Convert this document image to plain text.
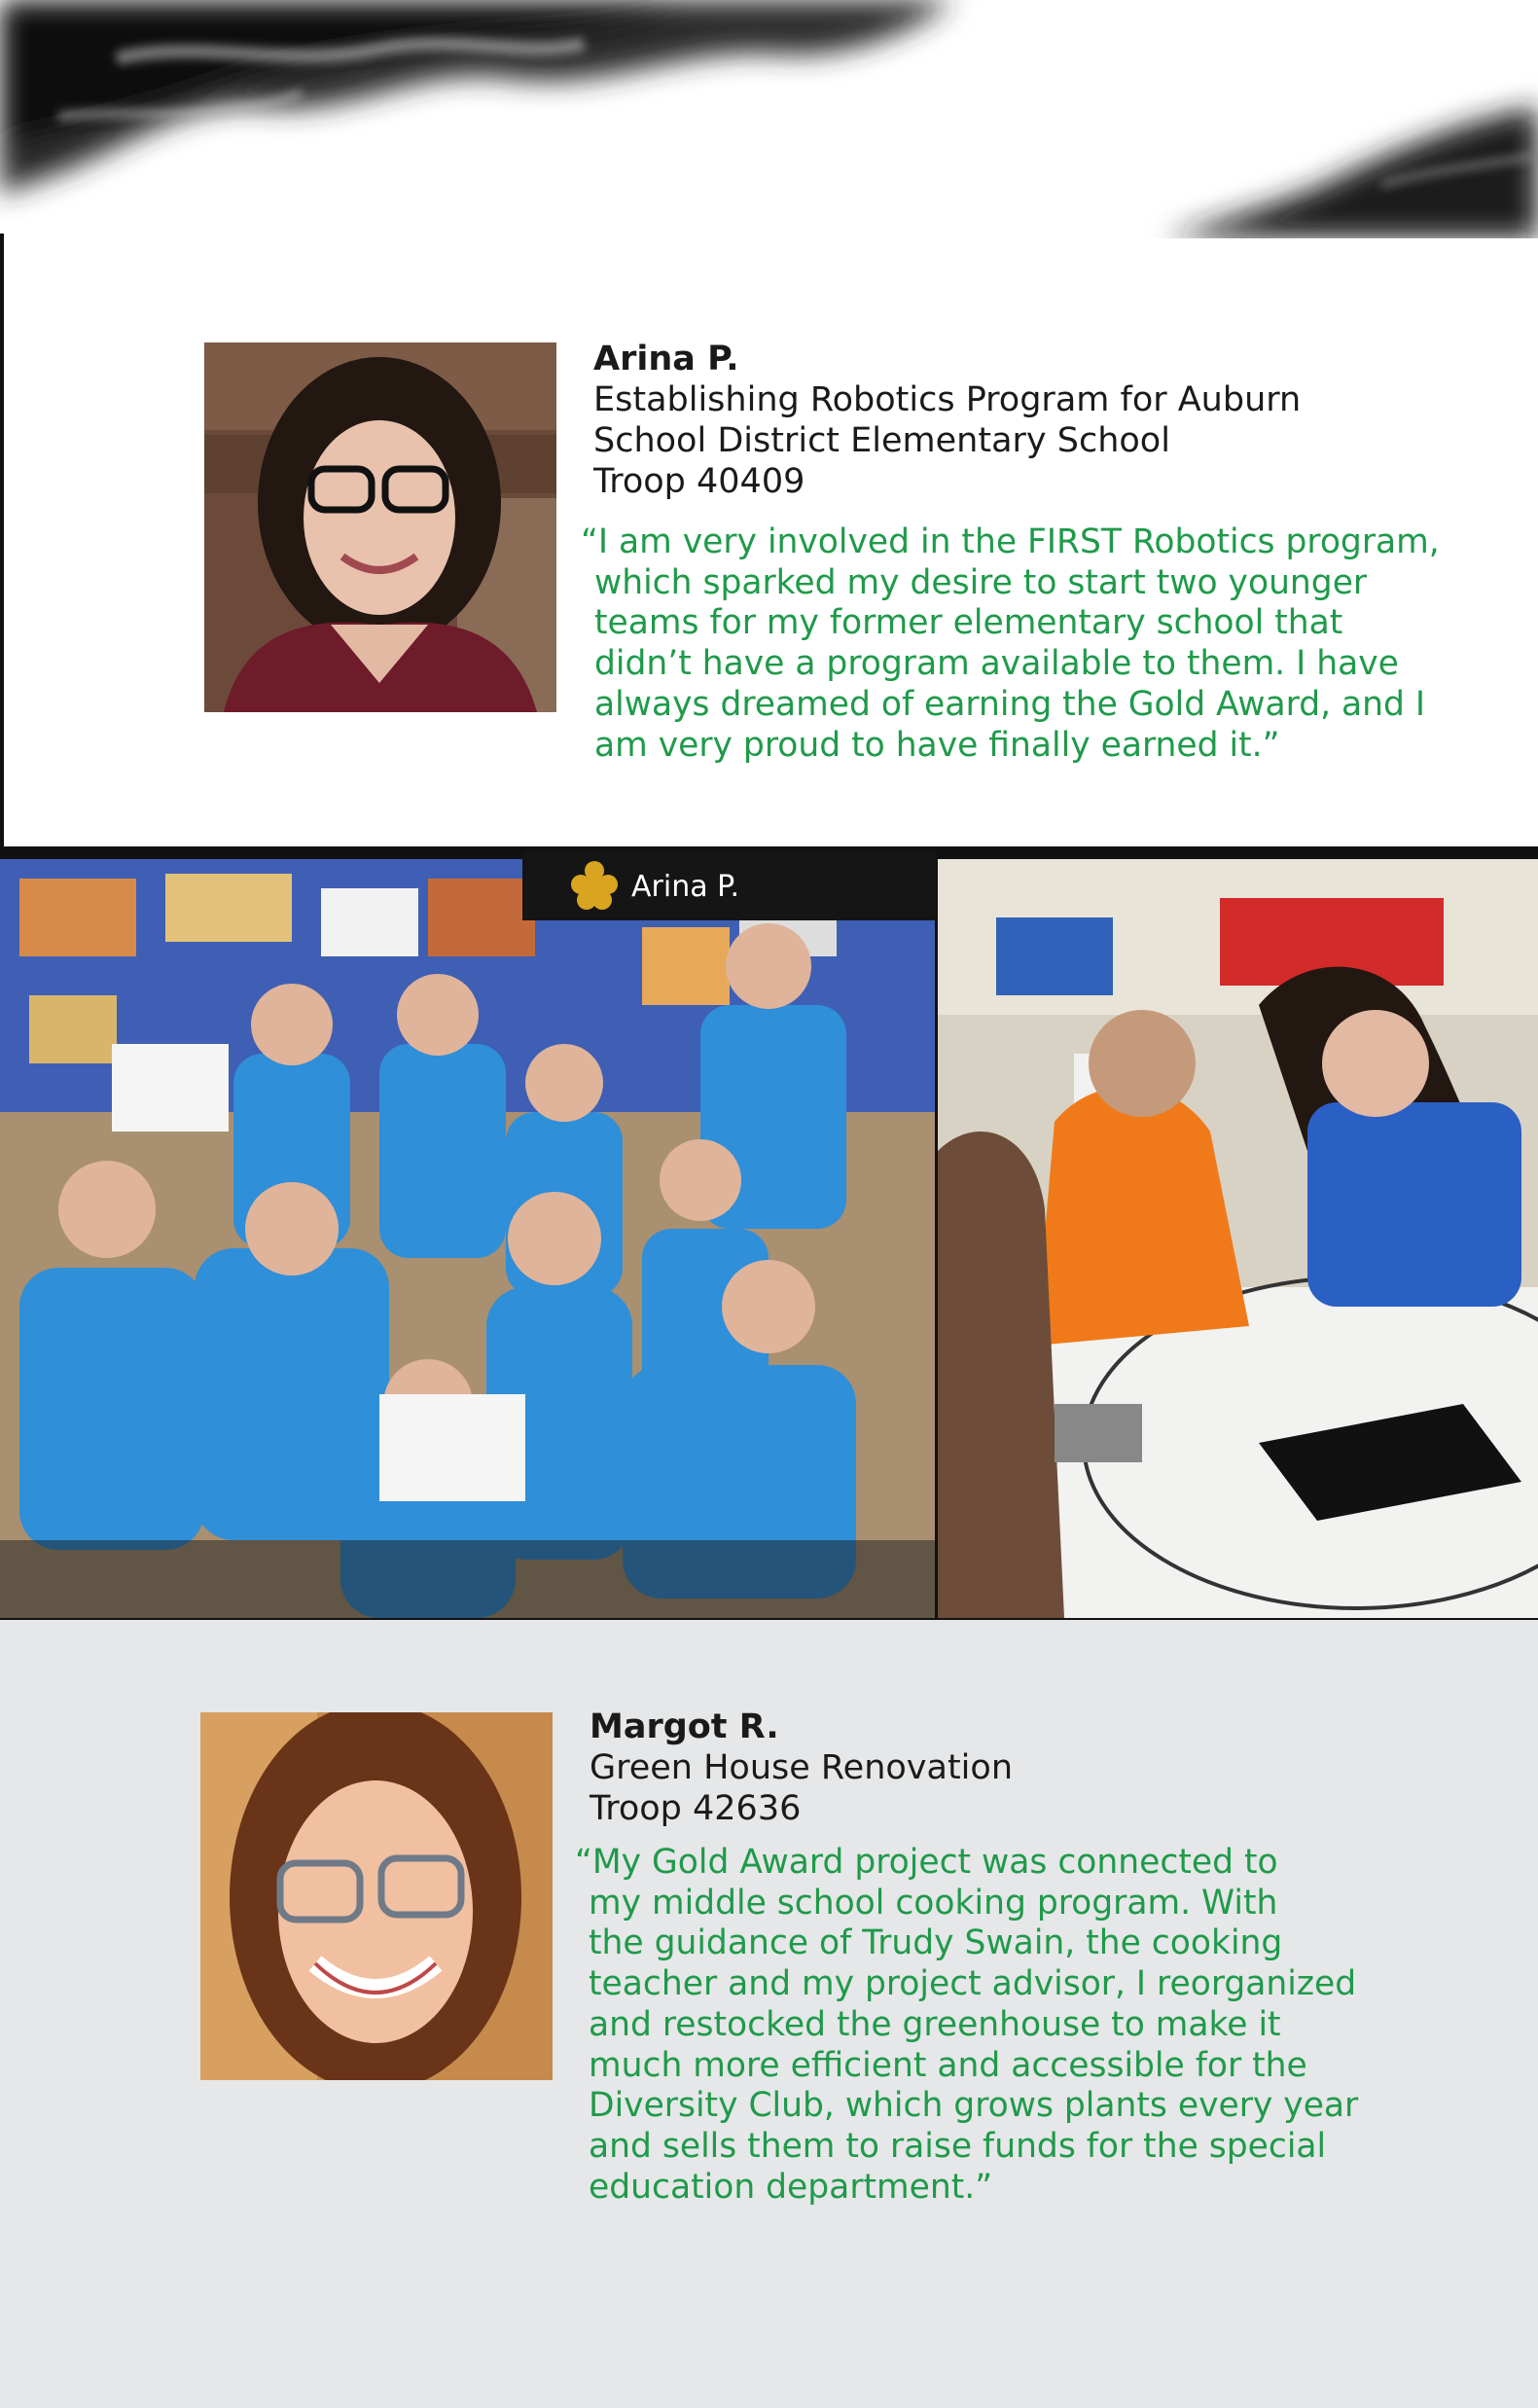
Arina P.

Establishing Robotics Program for Auburn

School District Elementary School

Troop 40409

“I am very involved in the FIRST Robotics program,
which sparked my desire to start two younger
teams for my former elementary school that
didn’t have a program available to them. I have
always dreamed of earning the Gold Award, and I
am very proud to have finally earned it.”
Arina P.

Margot R.

Green House Renovation

Troop 42636

“My Gold Award project was connected to
my middle school cooking program. With
the guidance of Trudy Swain, the cooking
teacher and my project advisor, I reorganized
and restocked the greenhouse to make it
much more efficient and accessible for the
Diversity Club, which grows plants every year
and sells them to raise funds for the special
education department.”
